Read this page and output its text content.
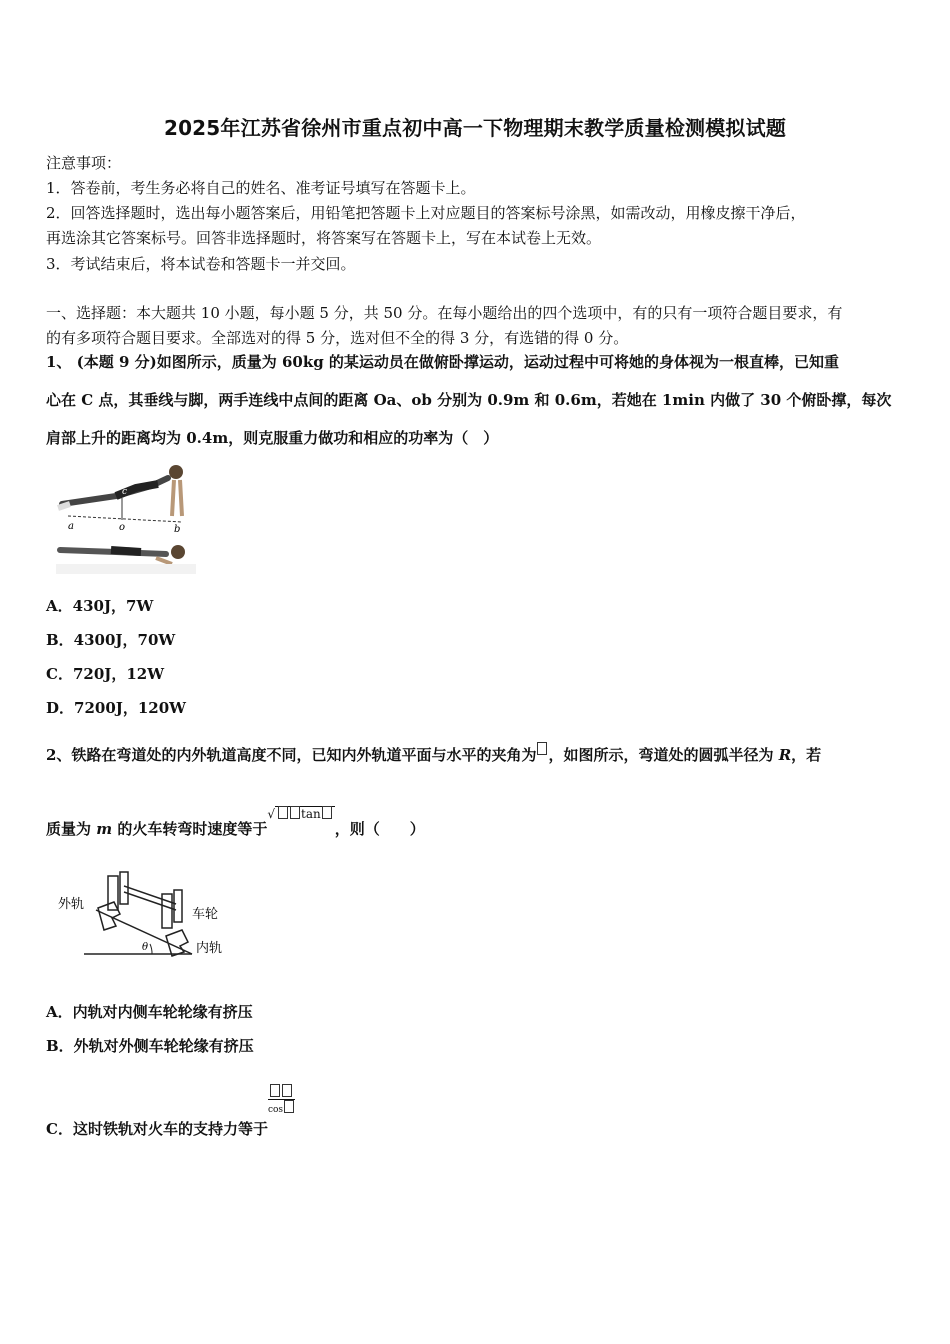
2025年江苏省徐州市重点初中高一下物理期末教学质量检测模拟试题
注意事项：
1．答卷前，考生务必将自己的姓名、准考证号填写在答题卡上。
2．回答选择题时，选出每小题答案后，用铅笔把答题卡上对应题目的答案标号涂黑，如需改动，用橡皮擦干净后，
再选涂其它答案标号。回答非选择题时，将答案写在答题卡上，写在本试卷上无效。
3．考试结束后，将本试卷和答题卡一并交回。
一、选择题：本大题共 10 小题，每小题 5 分，共 50 分。在每小题给出的四个选项中，有的只有一项符合题目要求，有
的有多项符合题目要求。全部选对的得 5 分，选对但不全的得 3 分，有选错的得 0 分。
1、 (本题 9 分)如图所示，质量为 60kg 的某运动员在做俯卧撑运动，运动过程中可将她的身体视为一根直棒，已知重
心在 C 点，其垂线与脚，两手连线中点间的距离 Oa、ob 分别为 0.9m 和 0.6m，若她在 1min 内做了 30 个俯卧撑，每次
肩部上升的距离均为 0.4m，则克服重力做功和相应的功率为（　）
c
a	o	b
A．430J，7W
B．4300J，70W
C．720J，12W
D．7200J，120W
2、铁路在弯道处的内外轨道高度不同，已知内外轨道平面与水平的夹角为 ，如图所示，弯道处的圆弧半径为 R，若
质量为 m 的火车转弯时速度等于√ tan，则（　　）
外轨
车轮
内轨
θ
A．内轨对内侧车轮轮缘有挤压
B．外轨对外侧车轮轮缘有挤压
C．这时铁轨对火车的支持力等于
cos
